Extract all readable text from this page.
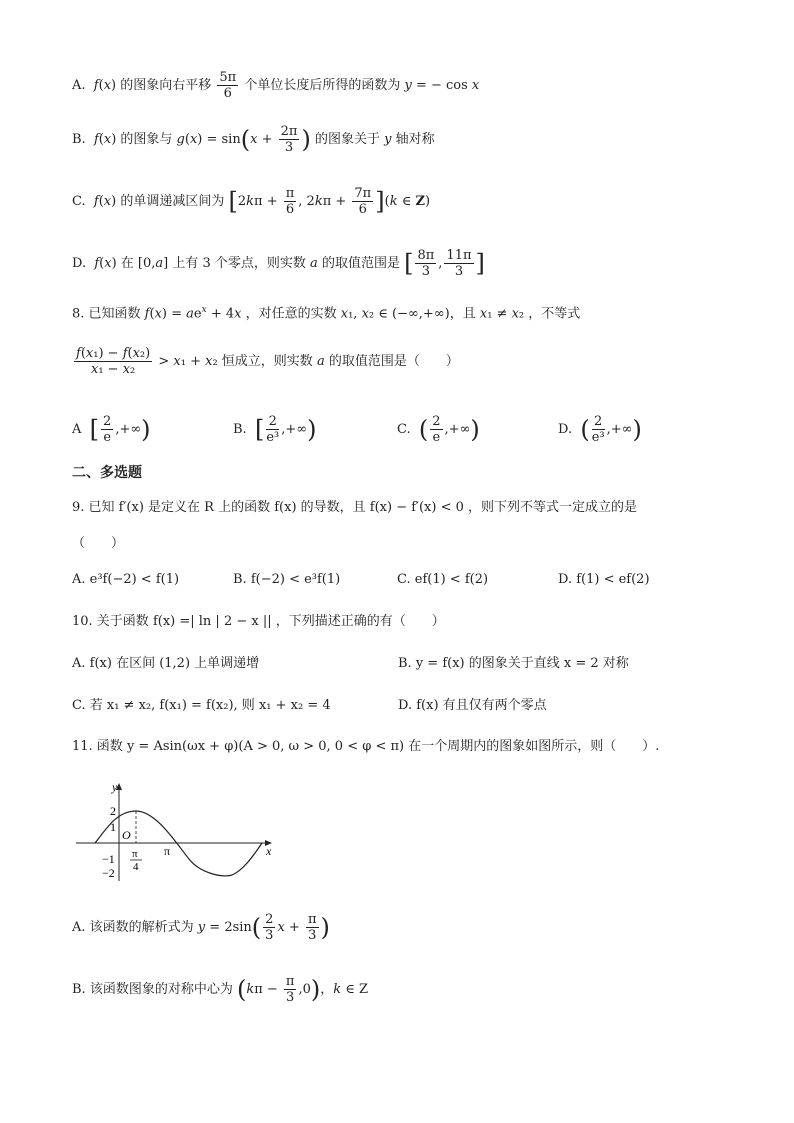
A.  f(x) 的图象向右平移 $\frac{5\pi}{6}$ 个单位长度后所得的函数为 y = − cos x
B.  f(x) 的图象与 $g(x) = \sin(x + \frac{2\pi}{3}$ ) 的图象关于 y 轴对称
C.  f(x) 的单调递减区间为 [$2k\pi + \frac{\pi}{6}$ , $2k\pi + \frac{7\pi}{6} ](k$ ∈ Z)
D.  f(x) 在 [0,a] 上有 3 个零点，则实数 a 的取值范围是 [ $\frac{8\pi}{3}$ , $\frac{11\pi}{3}$ ]
8. 已知函数 $f(x) = ae^x + 4x$ ，对任意的实数 x₁, x₂ ∈ (−∞,+∞)，且 x₁ ≠ x₂ ，不等式
$\frac{\text{f(x₁) − f(x₂)}}{\text{x₁ − x₂}} > x_1 + x_2$ 恒成立，则实数 a 的取值范围是（　　）
A  [ $\frac{2}{e}$ ,+∞)	B.  [ $\frac{2}{\text{e³}}$ ,+∞)	C.  ( $\frac{2}{e}$ ,+∞)	D.  ( $\frac{2}{\text{e³}}$ ,+∞)
二、多选题
9. 已知 f′(x) 是定义在 R 上的函数 f(x) 的导数，且 f(x) − f′(x) < 0 ，则下列不等式一定成立的是
（　　）
A. e³f(−2) < f(1)	B. f(−2) < e³f(1)	C. ef(1) < f(2)	D. f(1) < ef(2)
10. 关于函数 f(x) =| ln | 2 − x || ，下列描述正确的有（　　）
A. f(x) 在区间 (1,2) 上单调递增	B. y = f(x) 的图象关于直线 x = 2 对称
C. 若 x₁ ≠ x₂, f(x₁) = f(x₂), 则 x₁ + x₂ = 4	D. f(x) 有且仅有两个零点
11. 函数 y = Asin(ωx + φ)(A > 0, ω > 0, 0 < φ < π) 在一个周期内的图象如图所示，则（　　）.
y
x
O
2
1
−1
−2
π
π
4
A. 该函数的解析式为 $y = 2\sin( \frac{2}{3}$ $x + \frac{\pi}{3}$ )
B. 该函数图象的对称中心为 $(k\pi - \frac{\pi}{3} ,0)$，k ∈ Z
